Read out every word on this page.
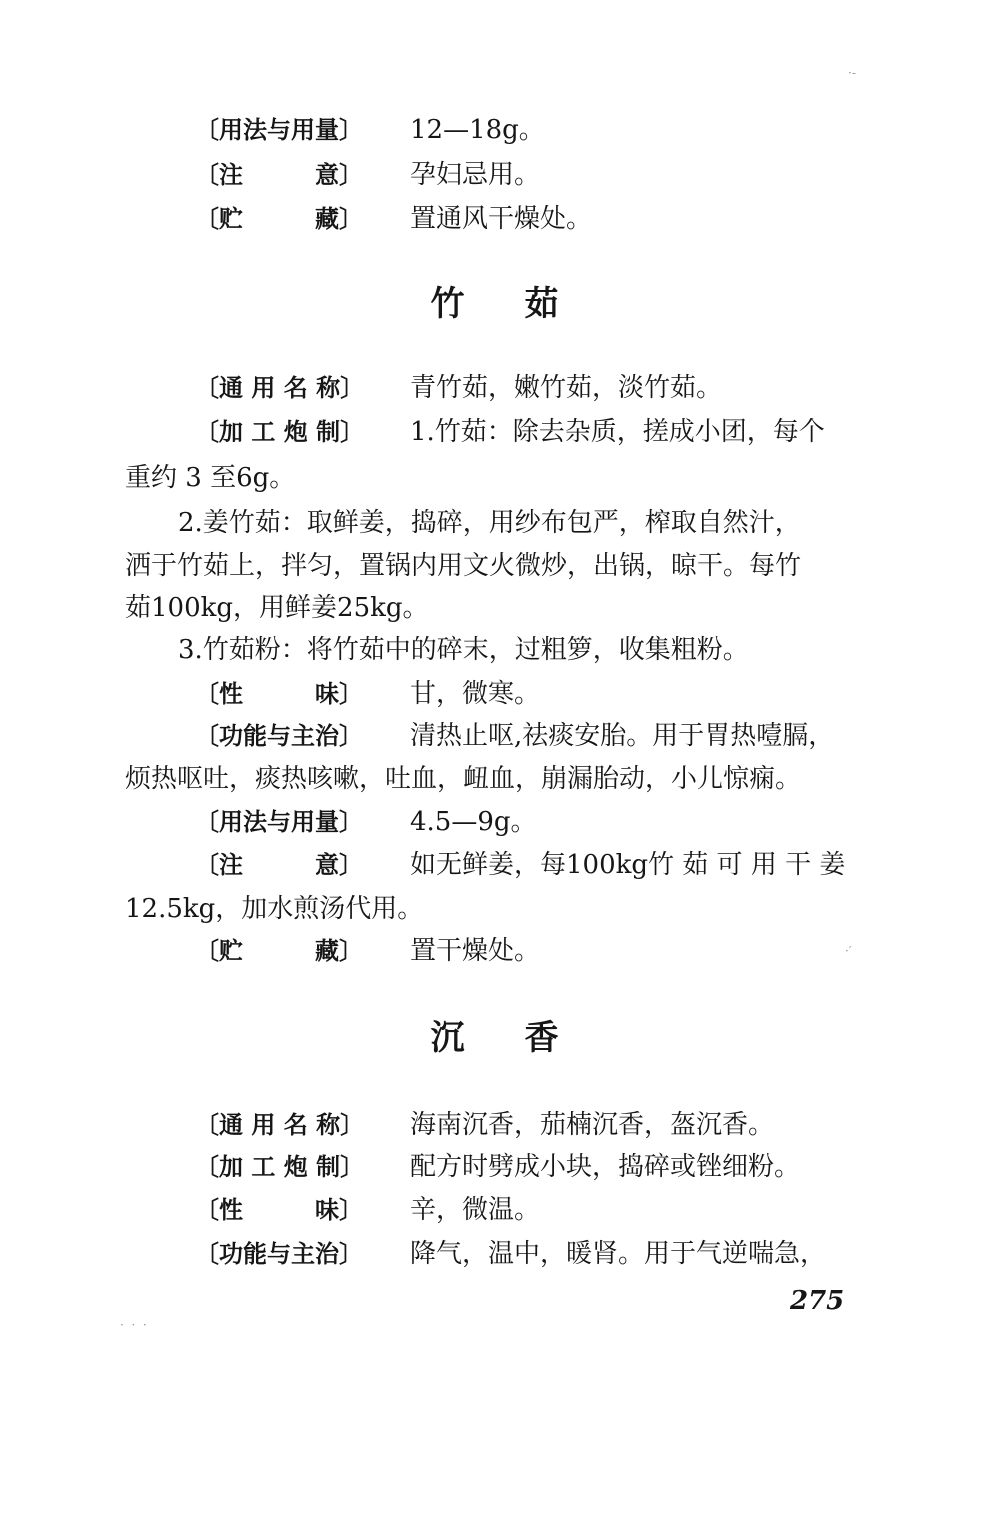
〔用法与用量〕 12—18g。
〔注　　　意〕 孕妇忌用。
〔贮　　　藏〕 置通风干燥处。
竹 茹
〔通 用 名 称〕 青竹茹，嫩竹茹，淡竹茹。
〔加 工 炮 制〕 1.竹茹：除去杂质，搓成小团，每个
重约 3 至6g。
2.姜竹茹：取鲜姜，捣碎，用纱布包严，榨取自然汁，
洒于竹茹上，拌匀，置锅内用文火微炒，出锅，晾干。每竹
茹100kg，用鲜姜25kg。
3.竹茹粉：将竹茹中的碎末，过粗箩，收集粗粉。
〔性　　　味〕 甘，微寒。
〔功能与主治〕 清热止呕,祛痰安胎。用于胃热噎膈，
烦热呕吐，痰热咳嗽，吐血，衄血，崩漏胎动，小儿惊痫。
〔用法与用量〕 4.5—9g。
〔注　　　意〕 如无鲜姜，每100kg竹 茹 可 用 干 姜
12.5kg，加水煎汤代用。
〔贮　　　藏〕 置干燥处。
沉 香
〔通 用 名 称〕 海南沉香，茄楠沉香，盔沉香。
〔加 工 炮 制〕 配方时劈成小块，捣碎或锉细粉。
〔性　　　味〕 辛，微温。
〔功能与主治〕 降气，温中，暖肾。用于气逆喘急，
275
·-
·′
·  ·  ·
